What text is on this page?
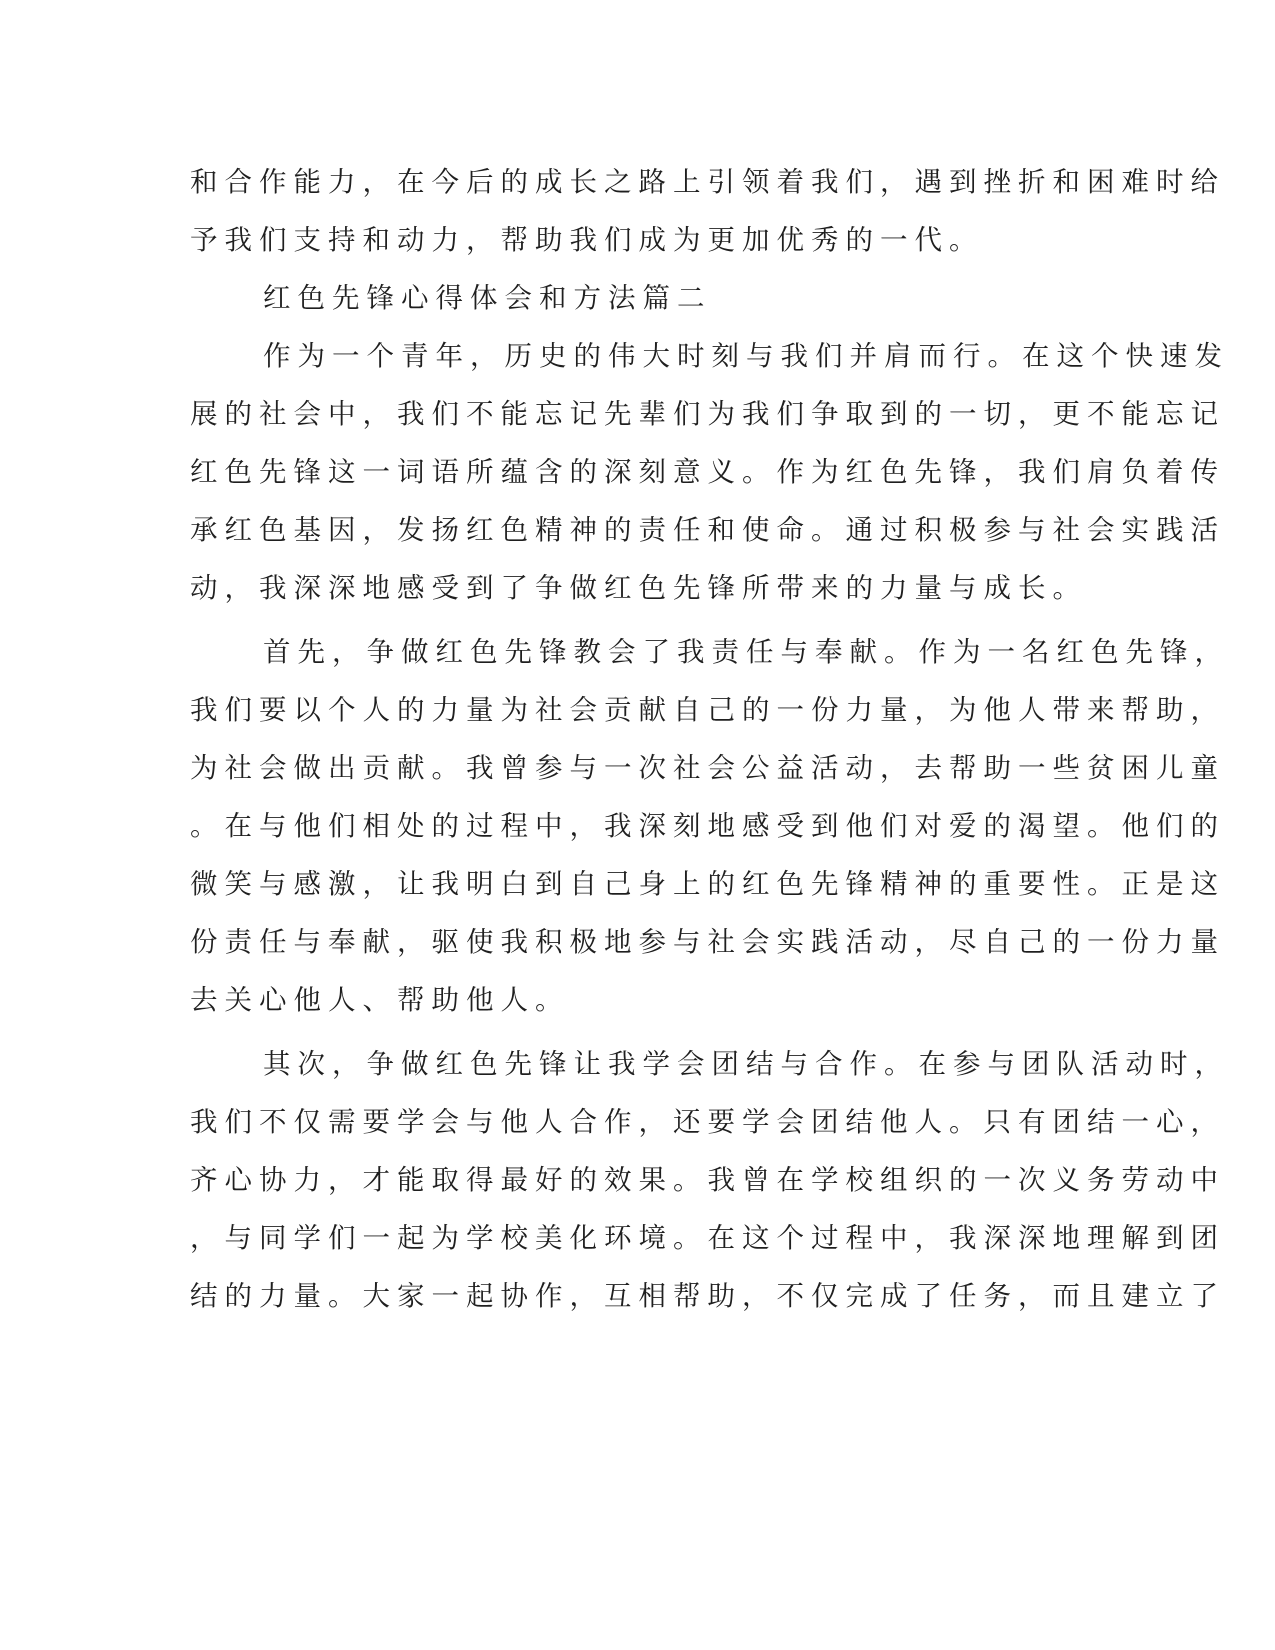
和合作能力，在今后的成长之路上引领着我们，遇到挫折和困难时给
予我们支持和动力，帮助我们成为更加优秀的一代。
红色先锋心得体会和方法篇二
作为一个青年，历史的伟大时刻与我们并肩而行。在这个快速发
展的社会中，我们不能忘记先辈们为我们争取到的一切，更不能忘记
红色先锋这一词语所蕴含的深刻意义。作为红色先锋，我们肩负着传
承红色基因，发扬红色精神的责任和使命。通过积极参与社会实践活
动，我深深地感受到了争做红色先锋所带来的力量与成长。
首先，争做红色先锋教会了我责任与奉献。作为一名红色先锋，
我们要以个人的力量为社会贡献自己的一份力量，为他人带来帮助，
为社会做出贡献。我曾参与一次社会公益活动，去帮助一些贫困儿童
。在与他们相处的过程中，我深刻地感受到他们对爱的渴望。他们的
微笑与感激，让我明白到自己身上的红色先锋精神的重要性。正是这
份责任与奉献，驱使我积极地参与社会实践活动，尽自己的一份力量
去关心他人、帮助他人。
其次，争做红色先锋让我学会团结与合作。在参与团队活动时，
我们不仅需要学会与他人合作，还要学会团结他人。只有团结一心，
齐心协力，才能取得最好的效果。我曾在学校组织的一次义务劳动中
，与同学们一起为学校美化环境。在这个过程中，我深深地理解到团
结的力量。大家一起协作，互相帮助，不仅完成了任务，而且建立了
